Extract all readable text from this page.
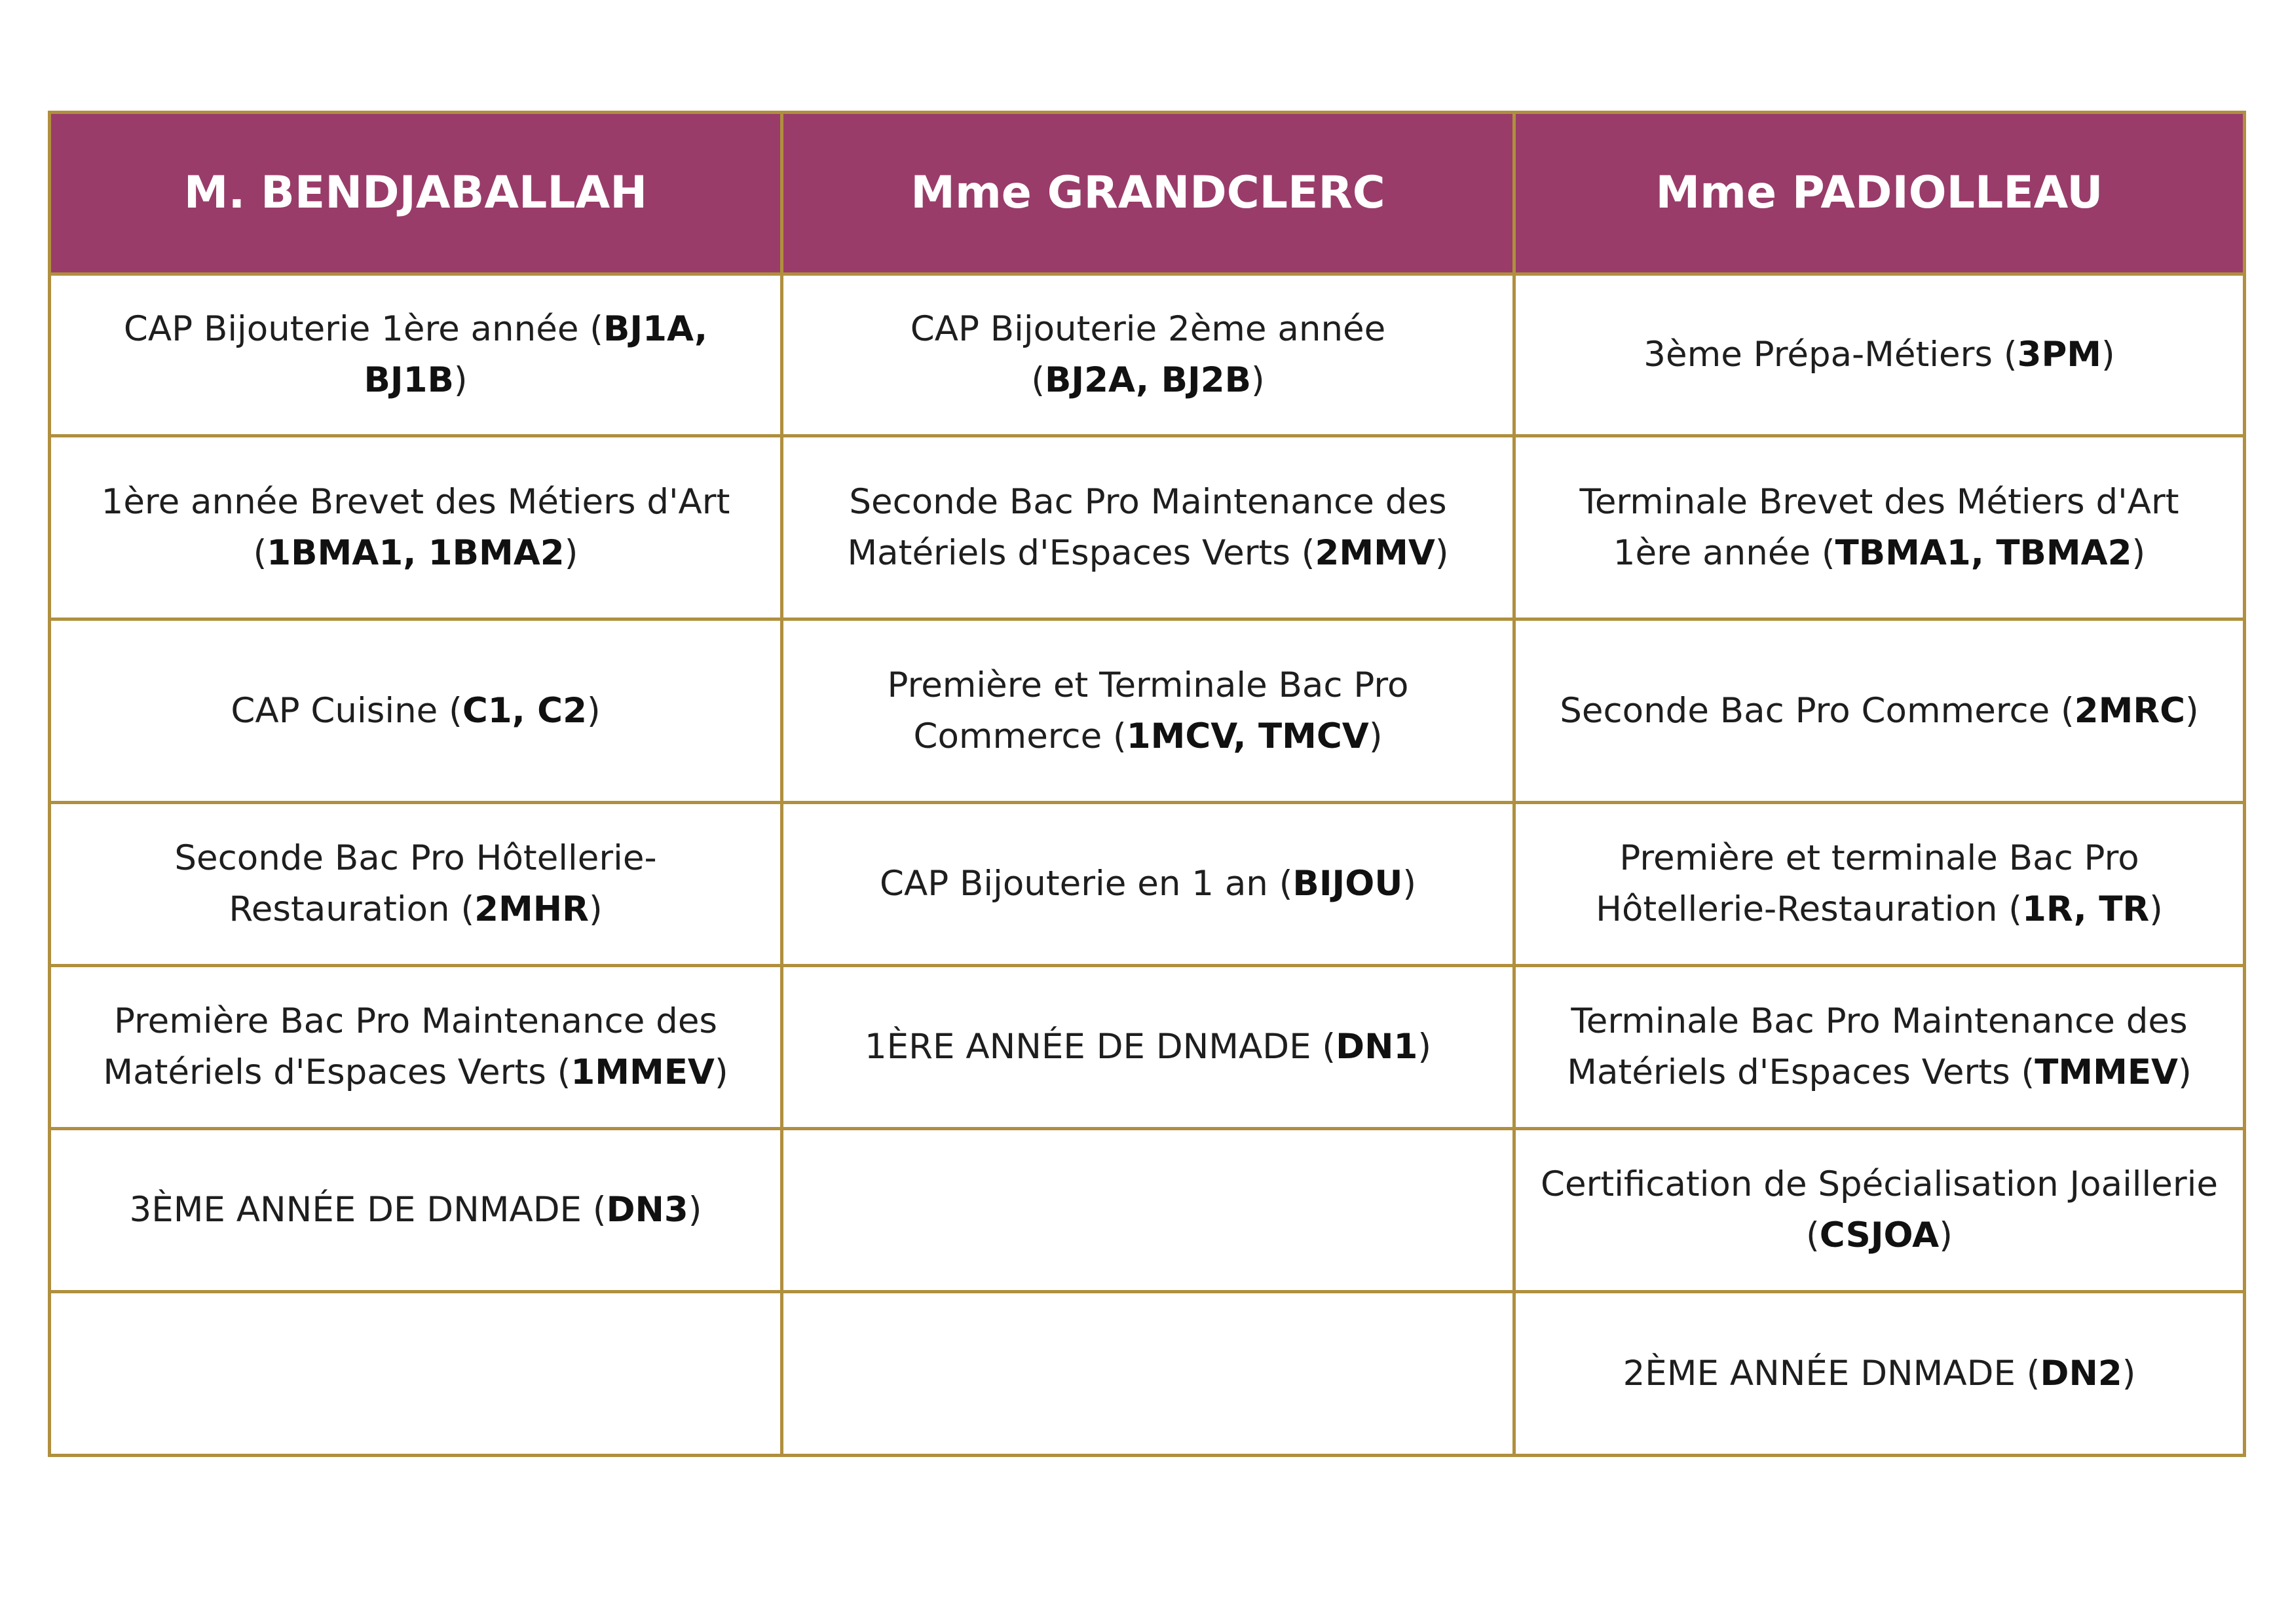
M. BENDJABALLAH	Mme GRANDCLERC	Mme PADIOLLEAU
CAP Bijouterie 1ère année (BJ1A, BJ1B)
CAP Bijouterie 2ème année (BJ2A, BJ2B)
3ème Prépa-Métiers (3PM)
1ère année Brevet des Métiers d'Art (1BMA1, 1BMA2)
Seconde Bac Pro Maintenance des Matériels d'Espaces Verts (2MMV)
Terminale Brevet des Métiers d'Art 1ère année (TBMA1, TBMA2)
CAP Cuisine (C1, C2)
Première et Terminale Bac Pro Commerce (1MCV, TMCV)
Seconde Bac Pro Commerce (2MRC)
Seconde Bac Pro Hôtellerie-Restauration (2MHR)
CAP Bijouterie en 1 an (BIJOU)
Première et terminale Bac Pro Hôtellerie-Restauration (1R, TR)
Première Bac Pro Maintenance des Matériels d'Espaces Verts (1MMEV)
1ÈRE ANNÉE DE DNMADE (DN1)
Terminale Bac Pro Maintenance des Matériels d'Espaces Verts (TMMEV)
3ÈME ANNÉE DE DNMADE (DN3)
Certification de Spécialisation Joaillerie (CSJOA)
2ÈME ANNÉE DNMADE (DN2)
